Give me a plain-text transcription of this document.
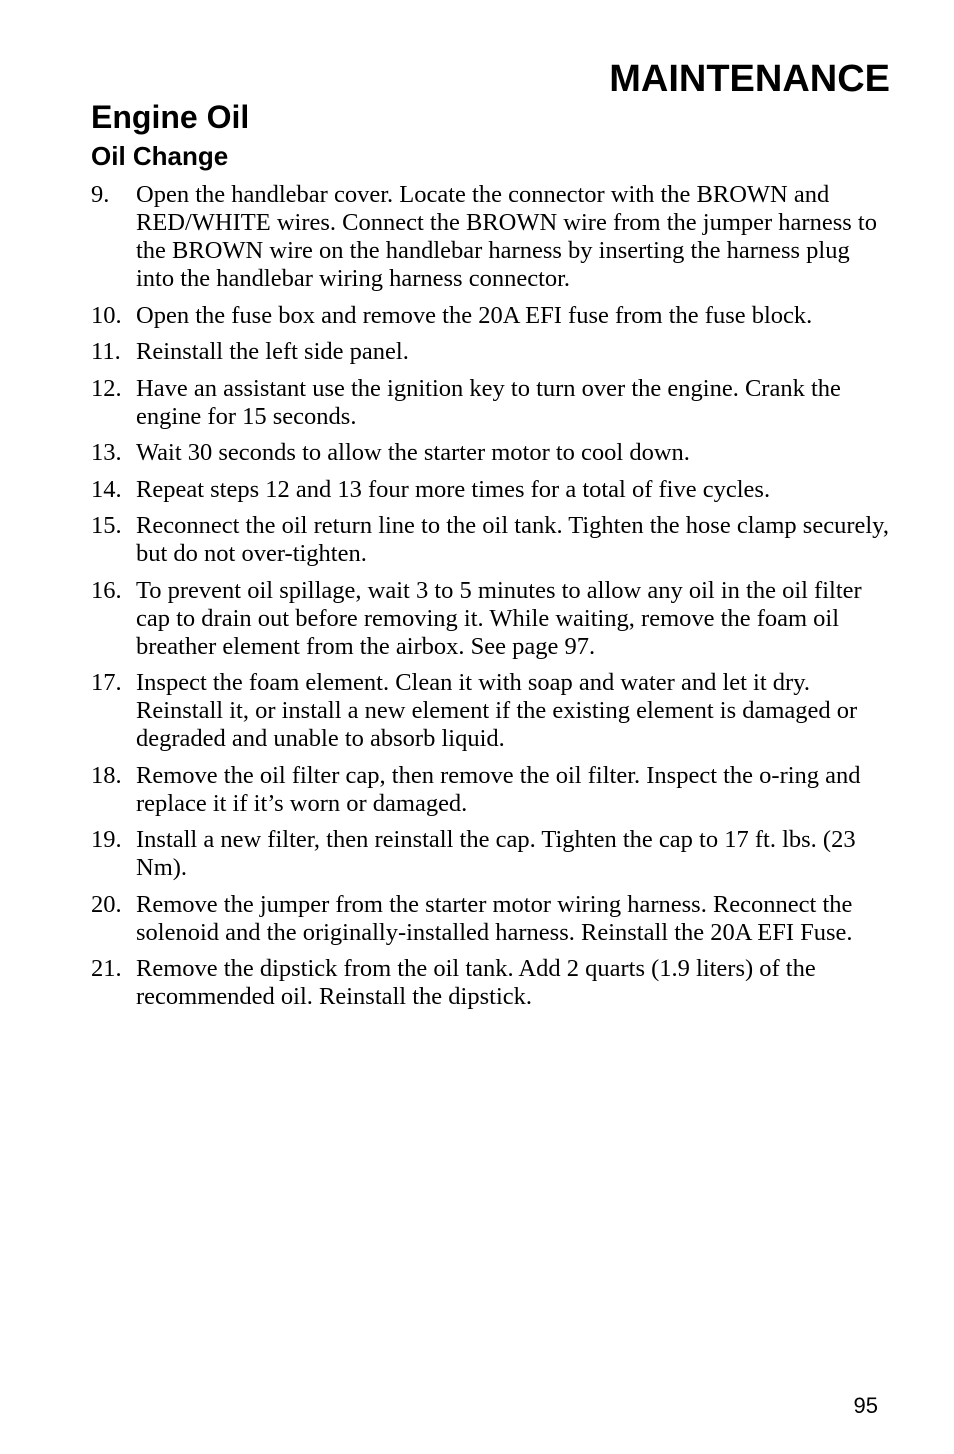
MAINTENANCE
Engine Oil
Oil Change
9. Open the handlebar cover. Locate the connector with the BROWN and RED/WHITE wires. Connect the BROWN wire from the jumper harness to the BROWN wire on the handlebar harness by inserting the harness plug into the handlebar wiring harness connector.
10. Open the fuse box and remove the 20A EFI fuse from the fuse block.
11. Reinstall the left side panel.
12. Have an assistant use the ignition key to turn over the engine. Crank the engine for 15 seconds.
13. Wait 30 seconds to allow the starter motor to cool down.
14. Repeat steps 12 and 13 four more times for a total of five cycles.
15. Reconnect the oil return line to the oil tank. Tighten the hose clamp securely, but do not over-tighten.
16. To prevent oil spillage, wait 3 to 5 minutes to allow any oil in the oil filter cap to drain out before removing it. While waiting, remove the foam oil breather element from the airbox. See page 97.
17. Inspect the foam element. Clean it with soap and water and let it dry. Reinstall it, or install a new element if the existing element is damaged or degraded and unable to absorb liquid.
18. Remove the oil filter cap, then remove the oil filter. Inspect the o-ring and replace it if it’s worn or damaged.
19. Install a new filter, then reinstall the cap. Tighten the cap to 17 ft. lbs. (23 Nm).
20. Remove the jumper from the starter motor wiring harness. Reconnect the solenoid and the originally-installed harness. Reinstall the 20A EFI Fuse.
21. Remove the dipstick from the oil tank. Add 2 quarts (1.9 liters) of the recommended oil. Reinstall the dipstick.
95
